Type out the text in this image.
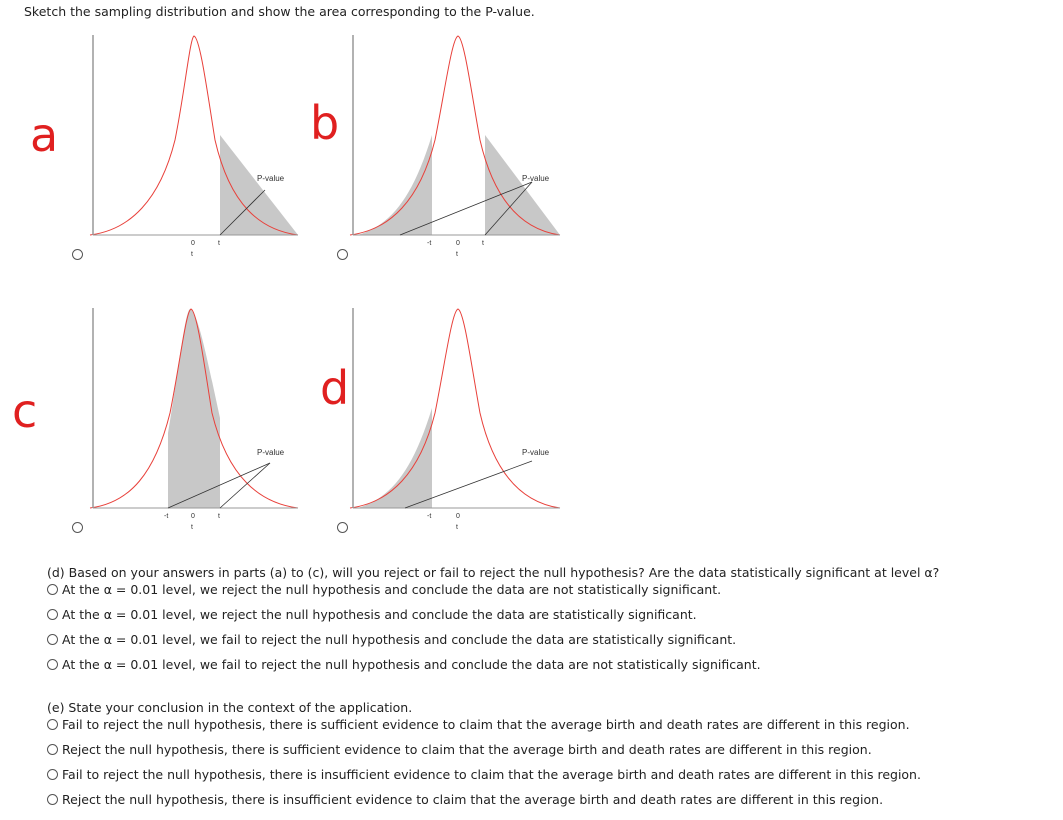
Sketch the sampling distribution and show the area corresponding to the P-value.
a	b
c	d
P-value
0	t
t
P-value
-t	0	t
t
P-value
-t	0	t
t
P-value
-t	0
t
(d) Based on your answers in parts (a) to (c), will you reject or fail to reject the null hypothesis? Are the data statistically significant at level α?
At the α = 0.01 level, we reject the null hypothesis and conclude the data are not statistically significant.
At the α = 0.01 level, we reject the null hypothesis and conclude the data are statistically significant.
At the α = 0.01 level, we fail to reject the null hypothesis and conclude the data are statistically significant.
At the α = 0.01 level, we fail to reject the null hypothesis and conclude the data are not statistically significant.
(e) State your conclusion in the context of the application.
Fail to reject the null hypothesis, there is sufficient evidence to claim that the average birth and death rates are different in this region.
Reject the null hypothesis, there is sufficient evidence to claim that the average birth and death rates are different in this region.
Fail to reject the null hypothesis, there is insufficient evidence to claim that the average birth and death rates are different in this region.
Reject the null hypothesis, there is insufficient evidence to claim that the average birth and death rates are different in this region.
